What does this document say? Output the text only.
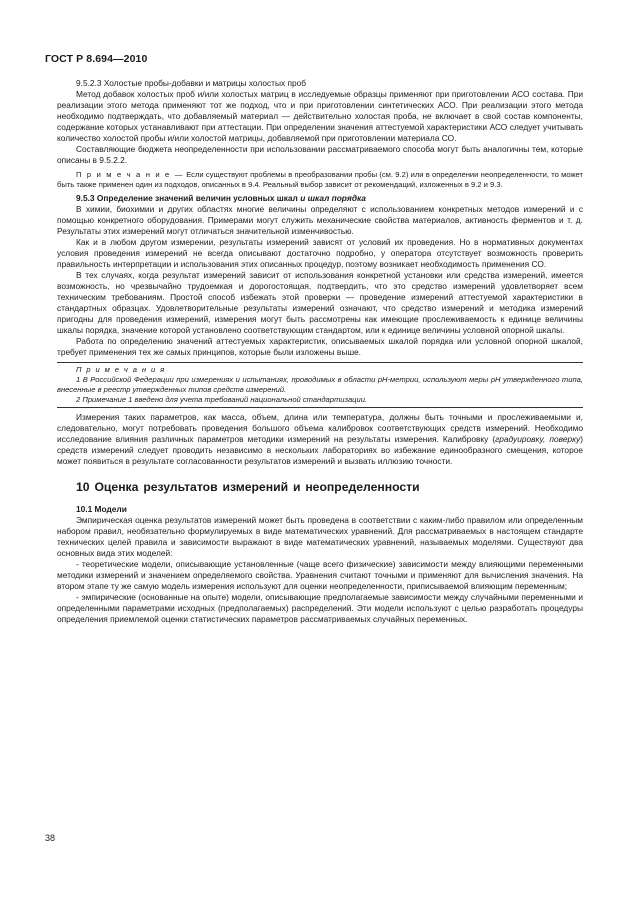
ГОСТ Р 8.694—2010

9.5.2.3 Холостые пробы-добавки и матрицы холостых проб

Метод добавок холостых проб и/или холостых матриц в исследуемые образцы применяют при приготовлении АСО состава. При реализации этого метода применяют тот же подход, что и при приготовлении синтетических АСО. При реализации этого метода необходимо подтверждать, что добавляемый материал — действительно холостая проба, не включает в свой состав компоненты, содержание которых устанавливают при аттестации. При определении значения аттестуемой характеристики АСО следует учитывать количество холостой пробы и/или холостой матрицы, добавляемой при приготовлении материала СО.

Составляющие бюджета неопределенности при использовании рассматриваемого способа могут быть аналогичны тем, которые описаны в 9.5.2.2.

П р и м е ч а н и е — Если существуют проблемы в преобразовании пробы (см. 9.2) или в определении неопределенности, то может быть также применен один из подходов, описанных в 9.4. Реальный выбор зависит от рекомендаций, изложенных в 9.2 и 9.3.

9.5.3 Определение значений величин условных шкал и шкал порядка

В химии, биохимии и других областях многие величины определяют с использованием конкретных методов измерений и с помощью конкретного оборудования. Примерами могут служить механические свойства материалов, активность ферментов и т. д. Результаты этих измерений могут отличаться значительной изменчивостью.

Как и в любом другом измерении, результаты измерений зависят от условий их проведения. Но в нормативных документах условия проведения измерений не всегда описывают достаточно подробно, у оператора отсутствует возможность проверить правильность интерпретации и использования этих описанных процедур, поэтому возникает необходимость применения СО.

В тех случаях, когда результат измерений зависит от использования конкретной установки или средства измерений, имеется возможность, но чрезвычайно трудоемкая и дорогостоящая, подтвердить, что это средство измерений удовлетворяет всем техническим требованиям. Простой способ избежать этой проверки — проведение измерений аттестуемой характеристики в стандартных образцах. Удовлетворительные результаты измерений означают, что средство измерений и методика измерений пригодны для проведения измерений, измерения могут быть рассмотрены как имеющие прослеживаемость к единице величины шкалы порядка, значение которой установлено соответствующим стандартом, или к единице величины условной опорной шкалы.

Работа по определению значений аттестуемых характеристик, описываемых шкалой порядка или условной опорной шкалой, требует применения тех же самых принципов, которые были изложены выше.

П р и м е ч а н и я

1 В Российской Федерации при измерениях и испытаниях, проводимых в области рН-метрии, используют меры рН утвержденного типа, внесенные в реестр утвержденных типов средств измерений.

2 Примечание 1 введено для учета требований национальной стандартизации.

Измерения таких параметров, как масса, объем, длина или температура, должны быть точными и прослеживаемыми и, следовательно, могут потребовать проведения большого объема калибровок соответствующих средств измерений. Необходимо исследование влияния различных параметров методики измерений на результаты измерения. Калибровку (градуировку, поверку) средств измерений следует проводить независимо в нескольких лабораториях во избежание единообразного смещения, которое может появиться в результате согласованности результатов измерений и вызвать иллюзию точности.

10 Оценка результатов измерений и неопределенности

10.1 Модели

Эмпирическая оценка результатов измерений может быть проведена в соответствии с каким-либо правилом или определенным набором правил, необязательно формулируемых в виде математических уравнений. Для рассматриваемых в настоящем стандарте технических целей правила и зависимости выражают в виде математических уравнений, называемых моделями. Существуют два основных вида этих моделей:

- теоретические модели, описывающие установленные (чаще всего физические) зависимости между влияющими переменными методики измерений и значением определяемого свойства. Уравнения считают точными и применяют для вычисления значения. На втором этапе ту же самую модель измерения используют для оценки неопределенности, приписываемой влияющим переменным;

- эмпирические (основанные на опыте) модели, описывающие предполагаемые зависимости между случайными переменными и определенными параметрами исходных (предполагаемых) распределений. Эти модели используют с целью разработать процедуры определения приемлемой оценки статистических параметров рассматриваемых случайных переменных.

38
